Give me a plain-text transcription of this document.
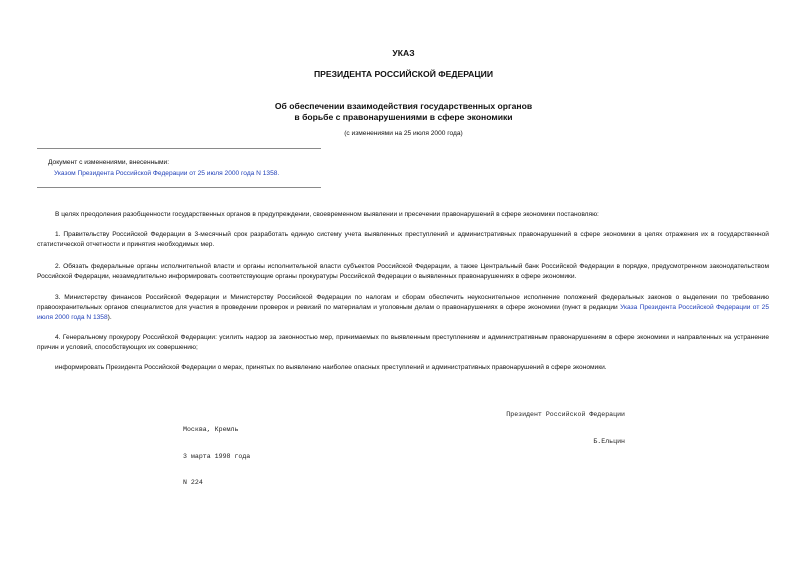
УКАЗ
ПРЕЗИДЕНТА РОССИЙСКОЙ ФЕДЕРАЦИИ
Об обеспечении взаимодействия государственных органов
в борьбе с правонарушениями в сфере экономики
(с изменениями на 25 июля 2000 года)
Документ с изменениями, внесенными:
Указом Президента Российской Федерации от 25 июля 2000 года N 1358.
В целях преодоления разобщенности государственных органов в предупреждении, своевременном выявлении и пресечении правонарушений в сфере экономики постановляю:
1. Правительству Российской Федерации в 3-месячный срок разработать единую систему учета выявленных преступлений и административных правонарушений в сфере экономики в целях отражения их в государственной статистической отчетности и принятия необходимых мер.
2. Обязать федеральные органы исполнительной власти и органы исполнительной власти субъектов Российской Федерации, а также Центральный банк Российской Федерации в порядке, предусмотренном законодательством Российской Федерации, незамедлительно информировать соответствующие органы прокуратуры Российской Федерации о выявленных правонарушениях в сфере экономики.
3. Министерству финансов Российской Федерации и Министерству Российской Федерации по налогам и сборам обеспечить неукоснительное исполнение положений федеральных законов о выделении по требованию правоохранительных органов специалистов для участия в проведении проверок и ревизий по материалам и уголовным делам о правонарушениях в сфере экономики (пункт в редакции Указа Президента Российской Федерации от 25 июля 2000 года N 1358).
4. Генеральному прокурору Российской Федерации: усилить надзор за законностью мер, принимаемых по выявленным преступлениям и административным правонарушениям в сфере экономики и направленных на устранение причин и условий, способствующих их совершению;
информировать Президента Российской Федерации о мерах, принятых по выявлению наиболее опасных преступлений и административных правонарушений в сфере экономики.

Президент Российской Федерации

Б.Ельцин

Москва, Кремль

3 марта 1998 года

N 224
